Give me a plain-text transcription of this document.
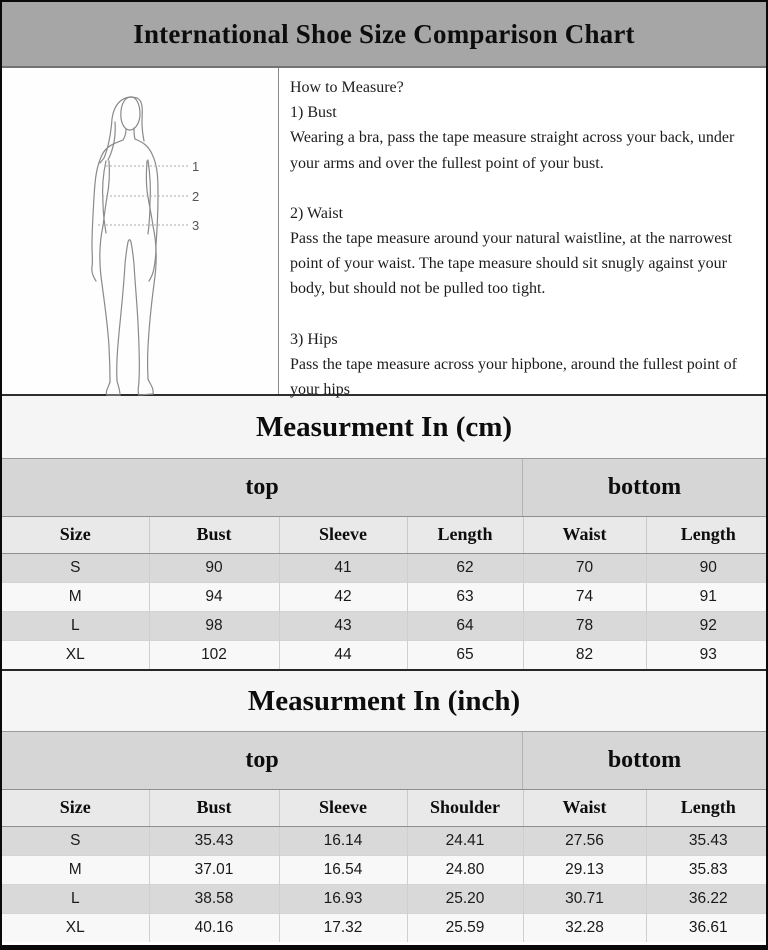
International Shoe Size Comparison Chart
1
2
3
How to Measure?
1) Bust
Wearing a bra, pass the tape measure straight across your back, under your arms and over the fullest point of your bust.
2) Waist
Pass the tape measure around your natural waistline, at the narrowest point of your waist. The tape measure should sit snugly against your body, but should not be pulled too tight.
3) Hips
Pass the tape measure across your hipbone, around the fullest point of your hips
Measurment In (cm)
top	bottom
Size	Bust	Sleeve	Length	Waist	Length
S	90	41	62	70	90
M	94	42	63	74	91
L	98	43	64	78	92
XL	102	44	65	82	93
Measurment In (inch)
top	bottom
Size	Bust	Sleeve	Shoulder	Waist	Length
S	35.43	16.14	24.41	27.56	35.43
M	37.01	16.54	24.80	29.13	35.83
L	38.58	16.93	25.20	30.71	36.22
XL	40.16	17.32	25.59	32.28	36.61
